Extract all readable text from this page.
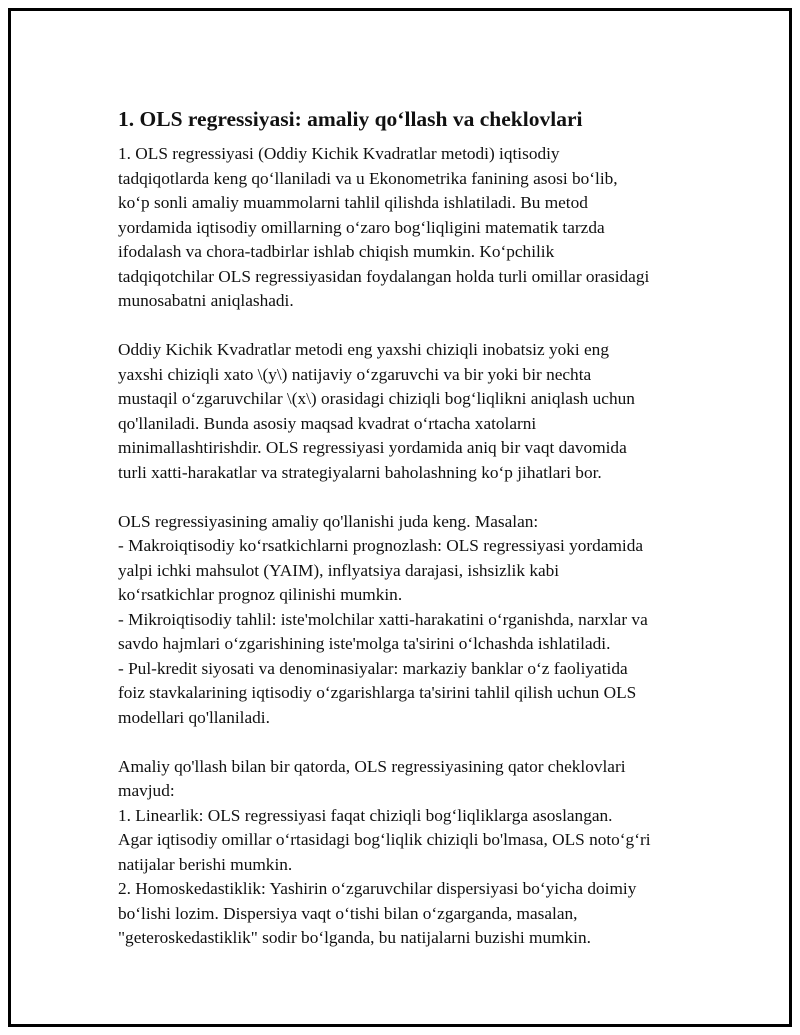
1. OLS regressiyasi: amaliy qo‘llash va cheklovlari

1. OLS regressiyasi (Oddiy Kichik Kvadratlar metodi) iqtisodiy
tadqiqotlarda keng qo‘llaniladi va u Ekonometrika fanining asosi bo‘lib,
ko‘p sonli amaliy muammolarni tahlil qilishda ishlatiladi. Bu metod
yordamida iqtisodiy omillarning o‘zaro bog‘liqligini matematik tarzda
ifodalash va chora-tadbirlar ishlab chiqish mumkin. Ko‘pchilik
tadqiqotchilar OLS regressiyasidan foydalangan holda turli omillar orasidagi
munosabatni aniqlashadi.

Oddiy Kichik Kvadratlar metodi eng yaxshi chiziqli inobatsiz yoki eng
yaxshi chiziqli xato \(y\) natijaviy o‘zgaruvchi va bir yoki bir nechta
mustaqil o‘zgaruvchilar \(x\) orasidagi chiziqli bog‘liqlikni aniqlash uchun
qo'llaniladi. Bunda asosiy maqsad kvadrat o‘rtacha xatolarni
minimallashtirishdir. OLS regressiyasi yordamida aniq bir vaqt davomida
turli xatti-harakatlar va strategiyalarni baholashning ko‘p jihatlari bor.

OLS regressiyasining amaliy qo'llanishi juda keng. Masalan:
- Makroiqtisodiy ko‘rsatkichlarni prognozlash: OLS regressiyasi yordamida
yalpi ichki mahsulot (YAIM), inflyatsiya darajasi, ishsizlik kabi
ko‘rsatkichlar prognoz qilinishi mumkin.
- Mikroiqtisodiy tahlil: iste'molchilar xatti-harakatini o‘rganishda, narxlar va
savdo hajmlari o‘zgarishining iste'molga ta'sirini o‘lchashda ishlatiladi.
- Pul-kredit siyosati va denominasiyalar: markaziy banklar o‘z faoliyatida
foiz stavkalarining iqtisodiy o‘zgarishlarga ta'sirini tahlil qilish uchun OLS
modellari qo'llaniladi.

Amaliy qo'llash bilan bir qatorda, OLS regressiyasining qator cheklovlari
mavjud:
1. Linearlik: OLS regressiyasi faqat chiziqli bog‘liqliklarga asoslangan.
Agar iqtisodiy omillar o‘rtasidagi bog‘liqlik chiziqli bo'lmasa, OLS noto‘g‘ri
natijalar berishi mumkin.
2. Homoskedastiklik: Yashirin o‘zgaruvchilar dispersiyasi bo‘yicha doimiy
bo‘lishi lozim. Dispersiya vaqt o‘tishi bilan o‘zgarganda, masalan,
"geteroskedastiklik" sodir bo‘lganda, bu natijalarni buzishi mumkin.
